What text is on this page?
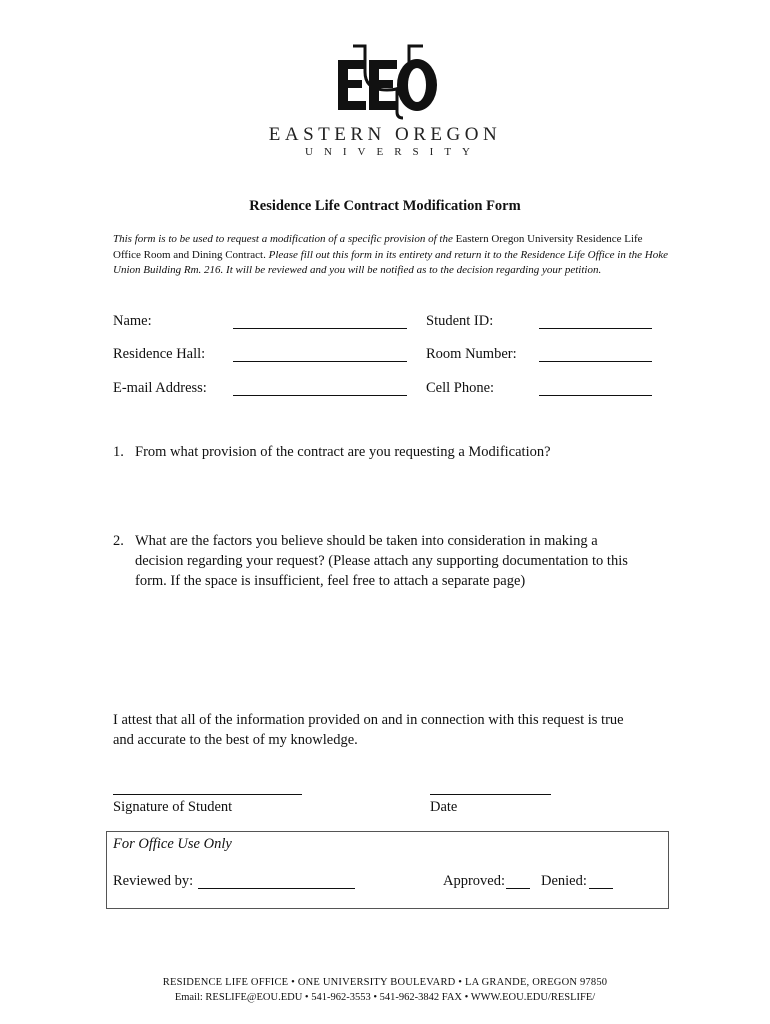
EASTERN OREGON
UNIVERSITY
Residence Life Contract Modification Form
This form is to be used to request a modification of a specific provision of the Eastern Oregon University Residence Life Office Room and Dining Contract. Please fill out this form in its entirety and return it to the Residence Life Office in the Hoke Union Building Rm. 216. It will be reviewed and you will be notified as to the decision regarding your petition.
Name:
Residence Hall:
E-mail Address:
Student ID:
Room Number:
Cell Phone:
1. From what provision of the contract are you requesting a Modification?
2. What are the factors you believe should be taken into consideration in making a
decision regarding your request? (Please attach any supporting documentation to this
form. If the space is insufficient, feel free to attach a separate page)
I attest that all of the information provided on and in connection with this request is true
and accurate to the best of my knowledge.
Signature of Student	Date
For Office Use Only
Reviewed by:	Approved: Denied:
RESIDENCE LIFE OFFICE • ONE UNIVERSITY BOULEVARD • LA GRANDE, OREGON 97850
Email: RESLIFE@EOU.EDU • 541-962-3553 • 541-962-3842 FAX • WWW.EOU.EDU/RESLIFE/
